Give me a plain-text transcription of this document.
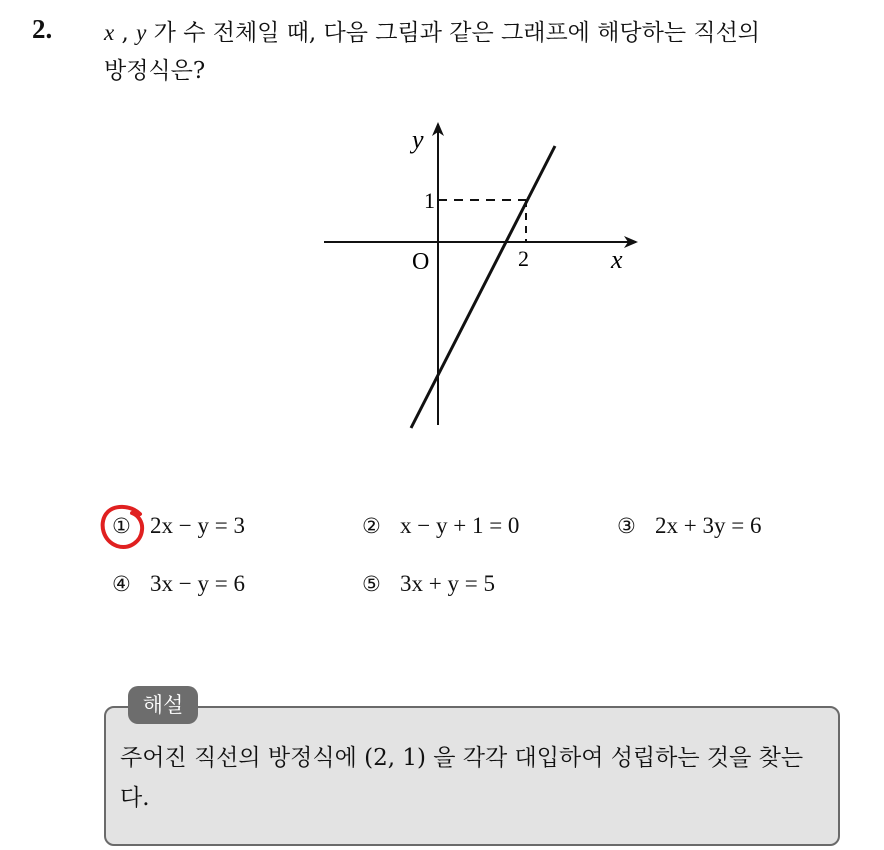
2. x , y 가 수 전체일 때, 다음 그림과 같은 그래프에 해당하는 직선의
방정식은?
y
x
O	2
1
① 2x − y = 3	② x − y + 1 = 0	③ 2x + 3y = 6
④ 3x − y = 6	⑤ 3x + y = 5
해설
주어진 직선의 방정식에 (2, 1) 을 각각 대입하여 성립하는 것을 찾는다.
